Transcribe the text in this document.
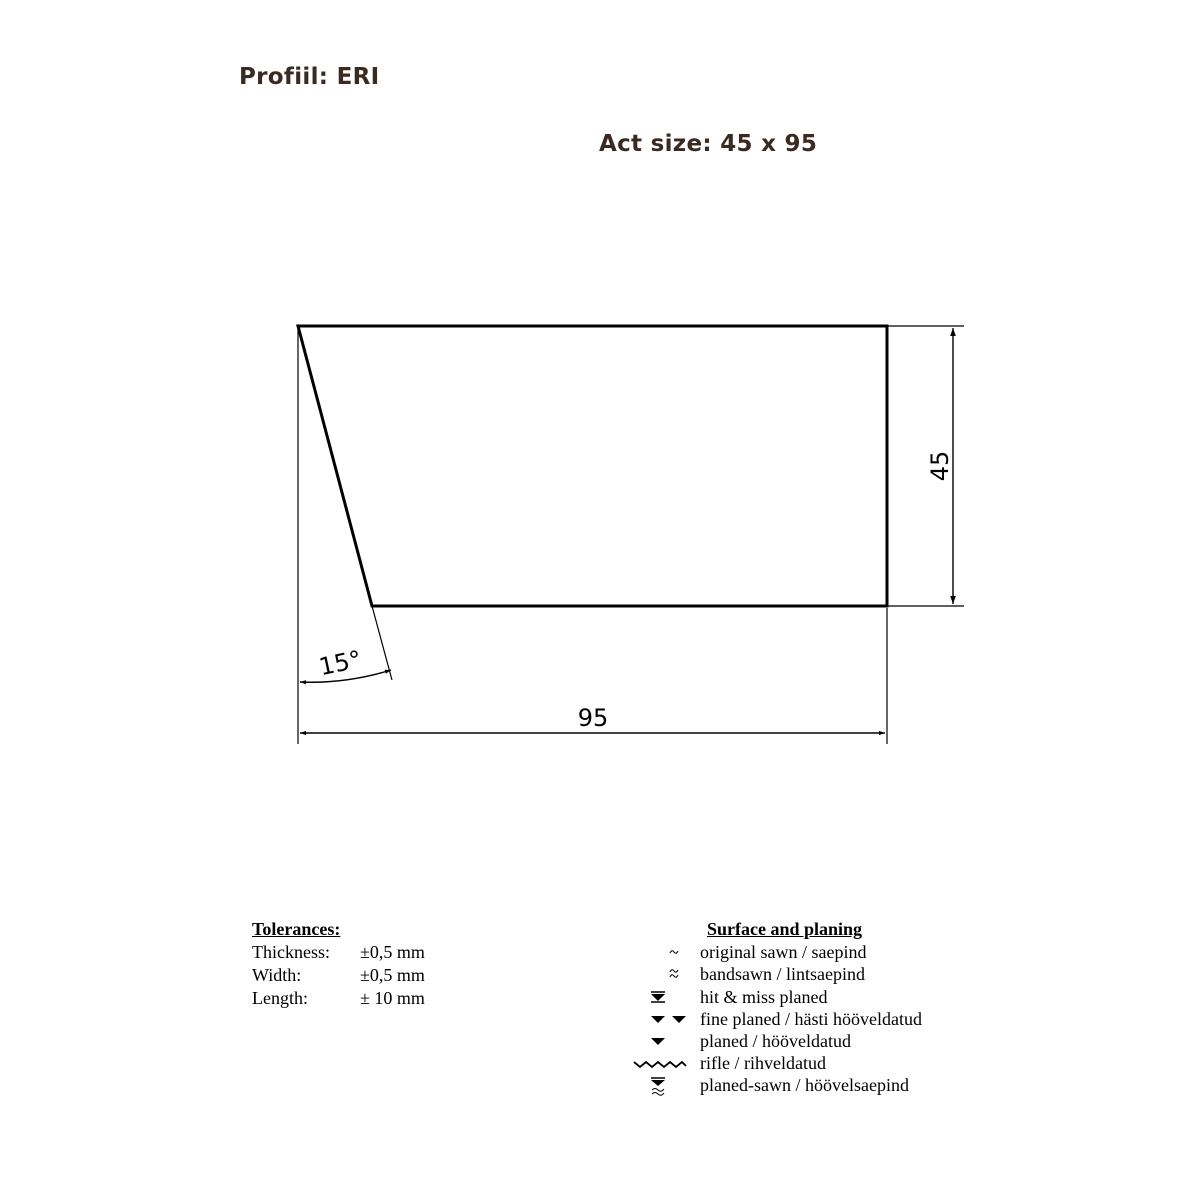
Profiil: ERI
Act size: 45 x 95
45
95
15°
Tolerances:
Thickness: ±0,5 mm
Width:	±0,5 mm
Length:	± 10 mm
Surface and planing
original sawn / saepind
bandsawn / lintsaepind
hit & miss planed
fine planed / hästi hööveldatud
planed / hööveldatud
rifle / rihveldatud
planed-sawn / höövelsaepind
